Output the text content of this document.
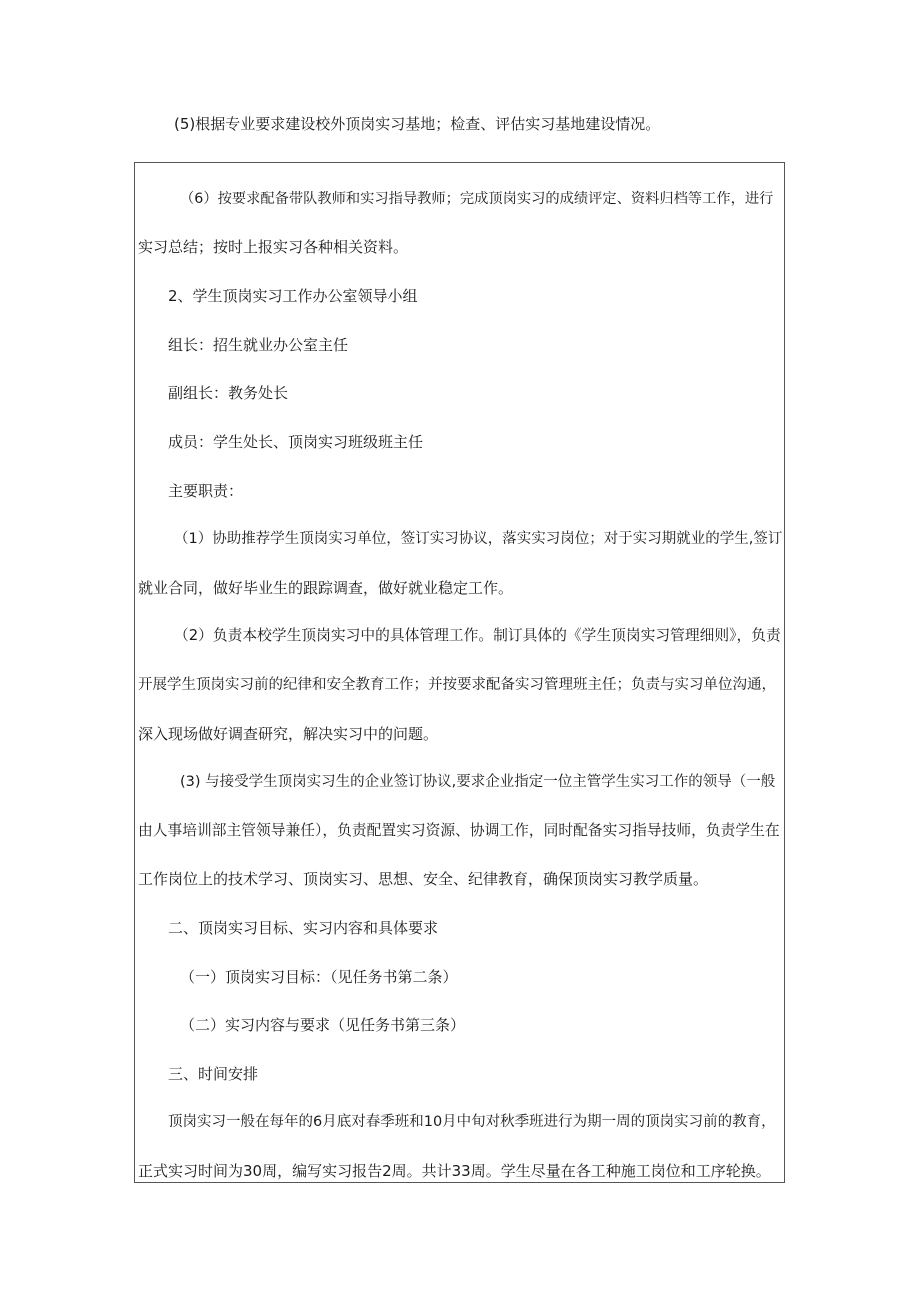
(5)根据专业要求建设校外顶岗实习基地；检查、评估实习基地建设情况。
（6）按要求配备带队教师和实习指导教师；完成顶岗实习的成绩评定、资料归档等工作，进行
实习总结；按时上报实习各种相关资料。
2、学生顶岗实习工作办公室领导小组
组长：招生就业办公室主任
副组长：教务处长
成员：学生处长、顶岗实习班级班主任
主要职责：
（1）协助推荐学生顶岗实习单位，签订实习协议，落实实习岗位；对于实习期就业的学生,签订
就业合同，做好毕业生的跟踪调查，做好就业稳定工作。
（2）负责本校学生顶岗实习中的具体管理工作。制订具体的《学生顶岗实习管理细则》，负责
开展学生顶岗实习前的纪律和安全教育工作；并按要求配备实习管理班主任；负责与实习单位沟通，
深入现场做好调查研究，解决实习中的问题。
(3) 与接受学生顶岗实习生的企业签订协议,要求企业指定一位主管学生实习工作的领导（一般
由人事培训部主管领导兼任），负责配置实习资源、协调工作，同时配备实习指导技师，负责学生在
工作岗位上的技术学习、顶岗实习、思想、安全、纪律教育，确保顶岗实习教学质量。
二、顶岗实习目标、实习内容和具体要求
（一）顶岗实习目标：（见任务书第二条）
（二）实习内容与要求（见任务书第三条）
三、时间安排
顶岗实习一般在每年的6月底对春季班和10月中旬对秋季班进行为期一周的顶岗实习前的教育，
正式实习时间为30周，编写实习报告2周。共计33周。学生尽量在各工种施工岗位和工序轮换。
